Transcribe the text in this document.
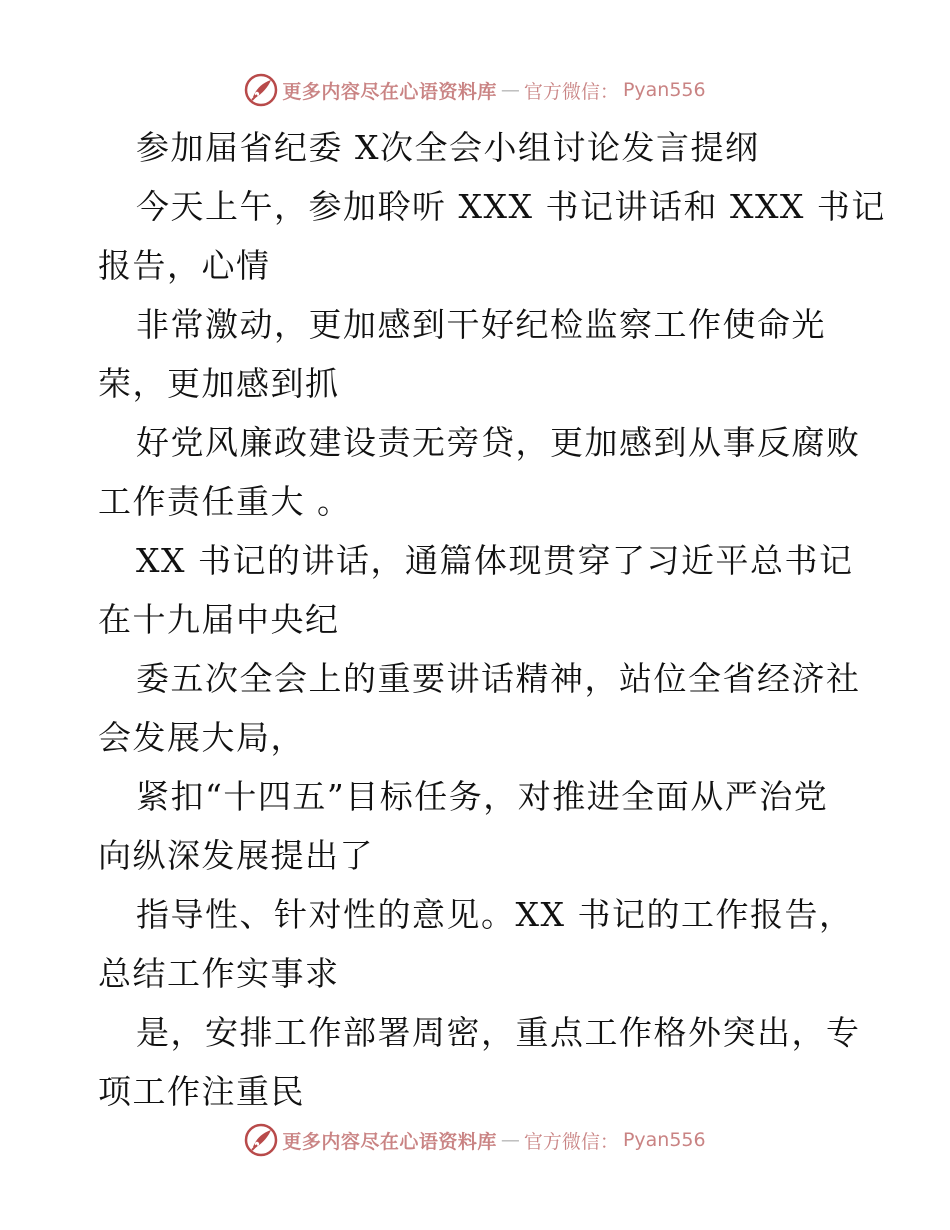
更多内容尽在心语资料库 — 官方微信： Pyan556
参加届省纪委 X次全会小组讨论发言提纲
今天上午，参加聆听 XXX 书记讲话和 XXX 书记
报告，心情
非常激动，更加感到干好纪检监察工作使命光
荣，更加感到抓
好党风廉政建设责无旁贷，更加感到从事反腐败
工作责任重大 。
XX 书记的讲话，通篇体现贯穿了习近平总书记
在十九届中央纪
委五次全会上的重要讲话精神，站位全省经济社
会发展大局，
紧扣“十四五”目标任务，对推进全面从严治党
向纵深发展提出了
指导性、针对性的意见。XX 书记的工作报告，
总结工作实事求
是，安排工作部署周密，重点工作格外突出，专
项工作注重民
更多内容尽在心语资料库 — 官方微信： Pyan556
